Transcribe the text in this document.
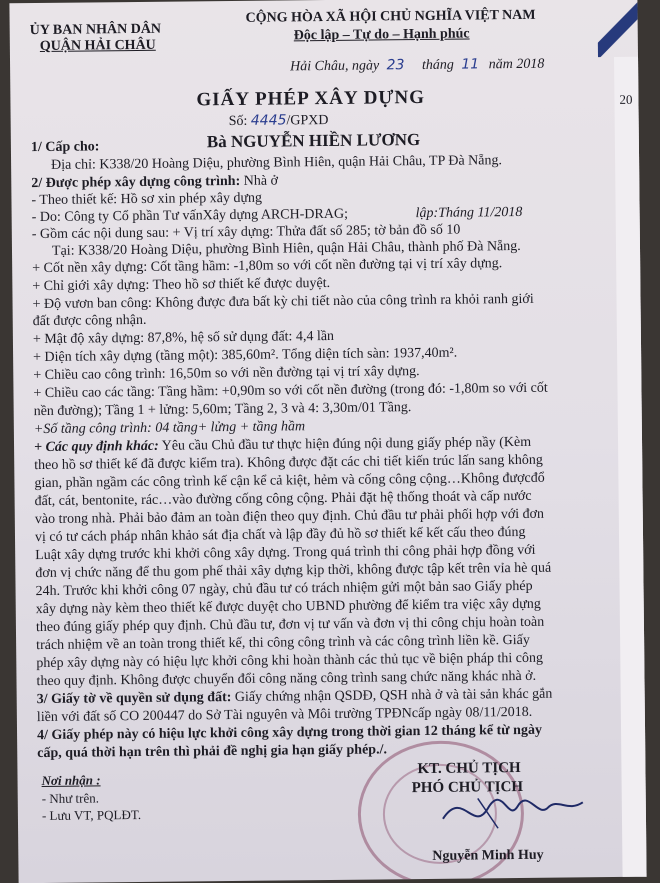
ỦY BAN NHÂN DÂN
QUẬN HẢI CHÂU
CỘNG HÒA XÃ HỘI CHỦ NGHĨA VIỆT NAM
Độc lập – Tự do – Hạnh phúc
Hải Châu, ngày 23 tháng 11 năm 2018
GIẤY PHÉP XÂY DỰNG
Số: 4445/GPXD
1/ Cấp cho:	Bà NGUYỄN HIỀN LƯƠNG
Địa chỉ: K338/20 Hoàng Diệu, phường Bình Hiên, quận Hải Châu, TP Đà Nẵng.
2/ Được phép xây dựng công trình: Nhà ở
- Theo thiết kế: Hồ sơ xin phép xây dựng
- Do: Công ty Cổ phần Tư vấnXây dựng ARCH-DRAG;	lập:Tháng 11/2018
- Gồm các nội dung sau: + Vị trí xây dựng: Thửa đất số 285; tờ bản đồ số 10
Tại: K338/20 Hoàng Diệu, phường Bình Hiên, quận Hải Châu, thành phố Đà Nẵng.
+ Cốt nền xây dựng: Cốt tầng hầm: -1,80m so với cốt nền đường tại vị trí xây dựng.
+ Chỉ giới xây dựng: Theo hồ sơ thiết kế được duyệt.
+ Độ vươn ban công: Không được đưa bất kỳ chi tiết nào của công trình ra khỏi ranh giới
đất được công nhận.
+ Mật độ xây dựng: 87,8%, hệ số sử dụng đất: 4,4 lần
+ Diện tích xây dựng (tầng một): 385,60m². Tổng diện tích sàn: 1937,40m².
+ Chiều cao công trình: 16,50m so với nền đường tại vị trí xây dựng.
+ Chiều cao các tầng: Tầng hầm: +0,90m so với cốt nền đường (trong đó: -1,80m so với cốt
nền đường); Tầng 1 + lửng: 5,60m; Tầng 2, 3 và 4: 3,30m/01 Tầng.
+Số tầng công trình: 04 tầng+ lửng + tầng hầm
+ Các quy định khác: Yêu cầu Chủ đầu tư thực hiện đúng nội dung giấy phép nầy (Kèm
theo hồ sơ thiết kế đã được kiểm tra). Không được đặt các chi tiết kiến trúc lấn sang không
gian, phần ngầm các công trình kế cận kể cả kiệt, hẻm và cống công cộng…Không đượcđổ
đất, cát, bentonite, rác…vào đường cống công cộng. Phải đặt hệ thống thoát và cấp nước
vào trong nhà. Phải bảo đảm an toàn điện theo quy định. Chủ đầu tư phải phối hợp với đơn
vị có tư cách pháp nhân khảo sát địa chất và lập đầy đủ hồ sơ thiết kế kết cấu theo đúng
Luật xây dựng trước khi khởi công xây dựng. Trong quá trình thi công phải hợp đồng với
đơn vị chức năng để thu gom phế thải xây dựng kịp thời, không được tập kết trên vỉa hè quá
24h. Trước khi khởi công 07 ngày, chủ đầu tư có trách nhiệm gửi một bản sao Giấy phép
xây dựng này kèm theo thiết kế được duyệt cho UBND phường để kiểm tra việc xây dựng
theo đúng giấy phép quy định. Chủ đầu tư, đơn vị tư vấn và đơn vị thi công chịu hoàn toàn
trách nhiệm về an toàn trong thiết kế, thi công công trình và các công trình liền kề. Giấy
phép xây dựng này có hiệu lực khởi công khi hoàn thành các thủ tục về biện pháp thi công
theo quy định. Không được chuyển đổi công năng công trình sang chức năng khác nhà ở.
3/ Giấy tờ về quyền sử dụng đất: Giấy chứng nhận QSDĐ, QSH nhà ở và tài sản khác gắn
liền với đất số CO 200447 do Sở Tài nguyên và Môi trường TPĐNcấp ngày 08/11/2018.
4/ Giấy phép này có hiệu lực khởi công xây dựng trong thời gian 12 tháng kể từ ngày
cấp, quá thời hạn trên thì phải đề nghị gia hạn giấy phép./.
Nơi nhận :
- Như trên.
- Lưu VT, PQLĐT.
KT. CHỦ TỊCH
PHÓ CHỦ TỊCH
Nguyễn Minh Huy
20
